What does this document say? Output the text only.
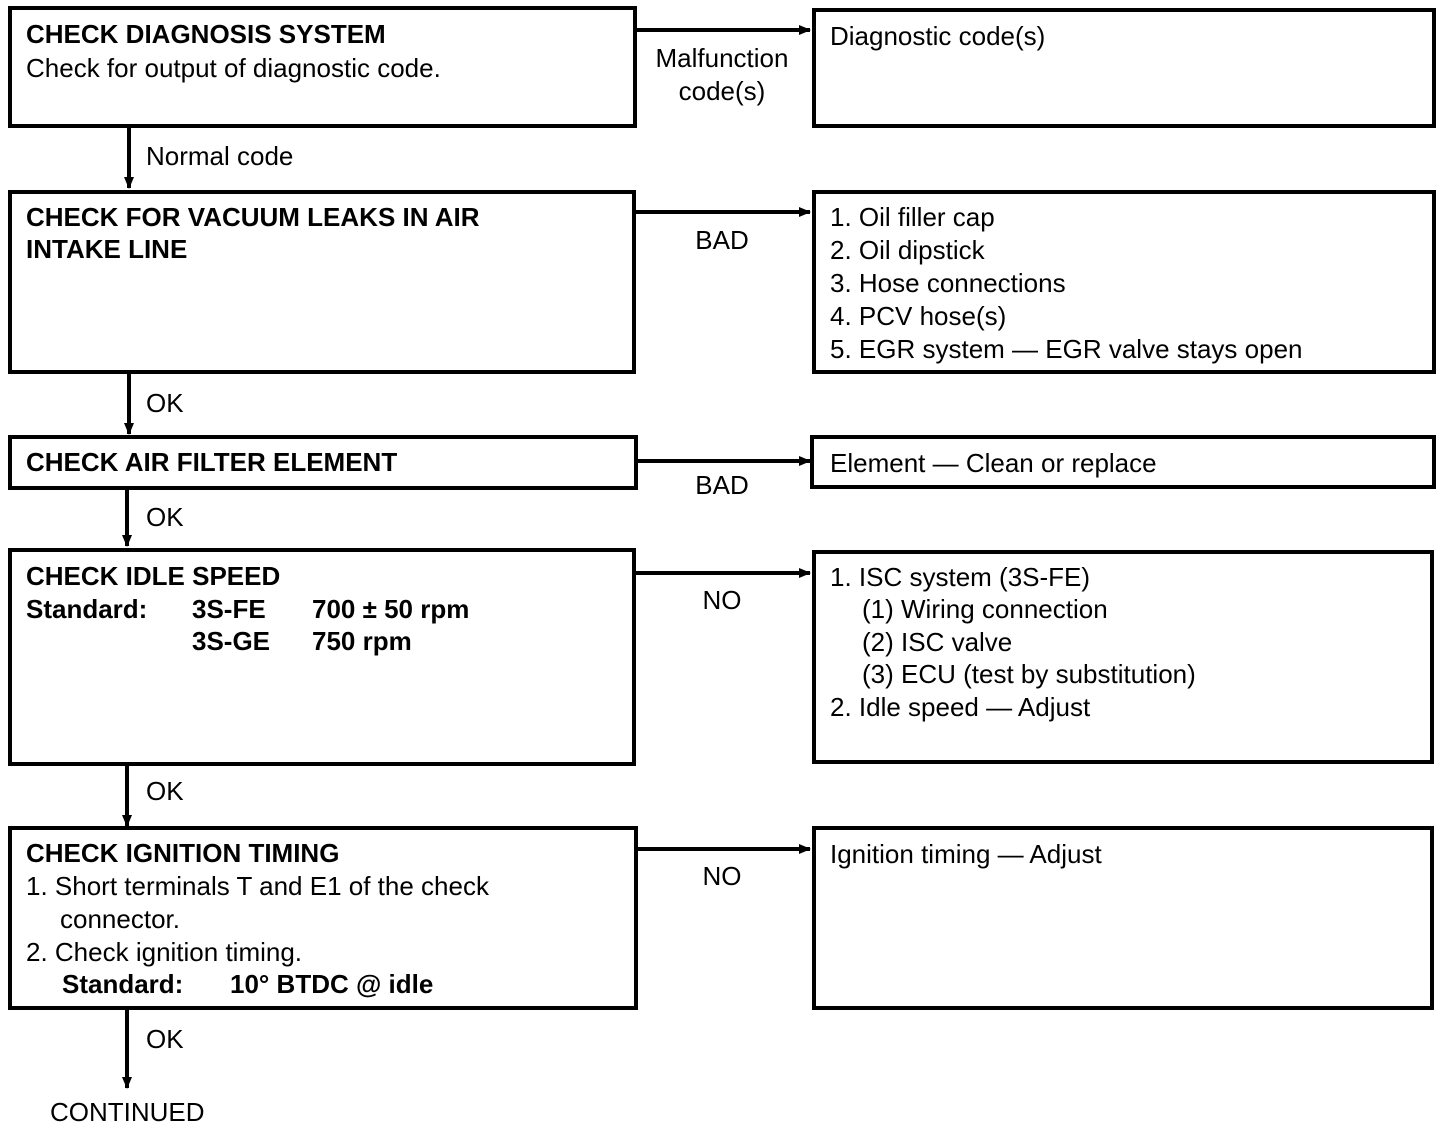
CHECK DIAGNOSIS SYSTEM
Check for output of diagnostic code.	Malfunction
code(s)
Diagnostic code(s)
Normal code
CHECK FOR VACUUM LEAKS IN AIR
INTAKE LINE	BAD
1. Oil filler cap
2. Oil dipstick
3. Hose connections
4. PCV hose(s)
5. EGR system — EGR valve stays open
OK
CHECK AIR FILTER ELEMENT
BAD
Element — Clean or replace
OK
CHECK IDLE SPEED
Standard: 3S-FE 700 ± 50 rpm
3S-GE 750 rpm
NO
1. ISC system (3S-FE)
(1) Wiring connection
(2) ISC valve
(3) ECU (test by substitution)
2. Idle speed — Adjust
OK
CHECK IGNITION TIMING
1. Short terminals T and E1 of the check
connector.
2. Check ignition timing.
Standard: 10° BTDC @ idle
NO
Ignition timing — Adjust
OK
CONTINUED
